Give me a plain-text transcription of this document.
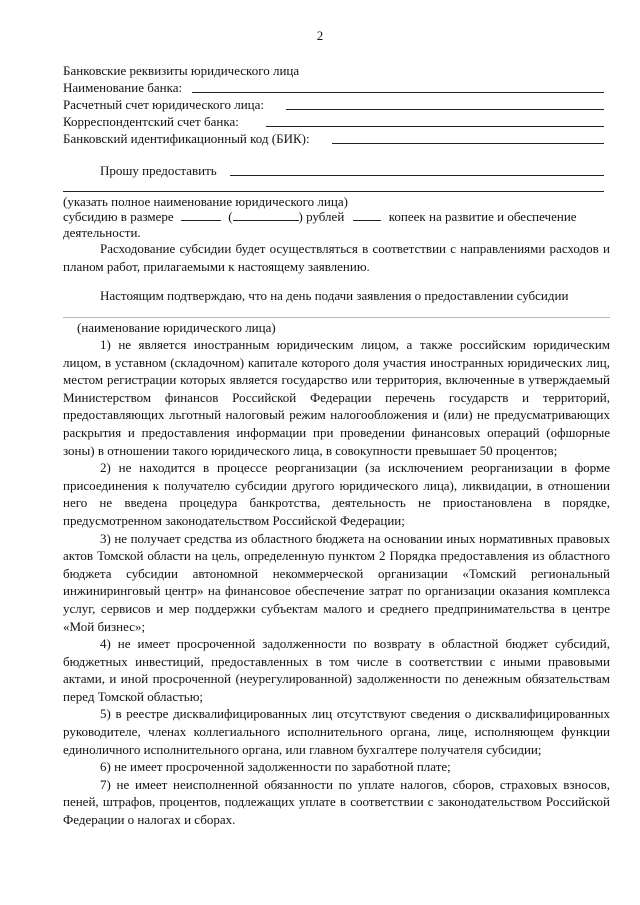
2
Банковские реквизиты юридического лица
Наименование банка:
Расчетный счет юридического лица:
Корреспондентский счет банка:
Банковский идентификационный код (БИК):
Прошу предоставить
(указать полное наименование юридического лица)
субсидию в размере	(	) рублей	копеек на развитие и обеспечение
деятельности.

Расходование субсидии будет осуществляться в соответствии с направлениями расходов и планом работ, прилагаемыми к настоящему заявлению.

Настоящим подтверждаю, что на день подачи заявления о предоставлении субсидии

(наименование юридического лица)

1) не является иностранным юридическим лицом, а также российским юридическим лицом, в уставном (складочном) капитале которого доля участия иностранных юридических лиц, местом регистрации которых является государство или территория, включенные в утверждаемый Министерством финансов Российской Федерации перечень государств и территорий, предоставляющих льготный налоговый режим налогообложения и (или) не предусматривающих раскрытия и предоставления информации при проведении финансовых операций (офшорные зоны) в отношении такого юридического лица, в совокупности превышает 50 процентов;

2) не находится в процессе реорганизации (за исключением реорганизации в форме присоединения к получателю субсидии другого юридического лица), ликвидации, в отношении него не введена процедура банкротства, деятельность не приостановлена в порядке, предусмотренном законодательством Российской Федерации;

3) не получает средства из областного бюджета на основании иных нормативных правовых актов Томской области на цель, определенную пунктом 2 Порядка предоставления из областного бюджета субсидии автономной некоммерческой организации «Томский региональный инжиниринговый центр» на финансовое обеспечение затрат по организации оказания комплекса услуг, сервисов и мер поддержки субъектам малого и среднего предпринимательства в центре «Мой бизнес»;

4) не имеет просроченной задолженности по возврату в областной бюджет субсидий, бюджетных инвестиций, предоставленных в том числе в соответствии с иными правовыми актами, и иной просроченной (неурегулированной) задолженности по денежным обязательствам перед Томской областью;

5) в реестре дисквалифицированных лиц отсутствуют сведения о дисквалифицированных руководителе, членах коллегиального исполнительного органа, лице, исполняющем функции единоличного исполнительного органа, или главном бухгалтере получателя субсидии;

6) не имеет просроченной задолженности по заработной плате;

7) не имеет неисполненной обязанности по уплате налогов, сборов, страховых взносов, пеней, штрафов, процентов, подлежащих уплате в соответствии с законодательством Российской Федерации о налогах и сборах.
